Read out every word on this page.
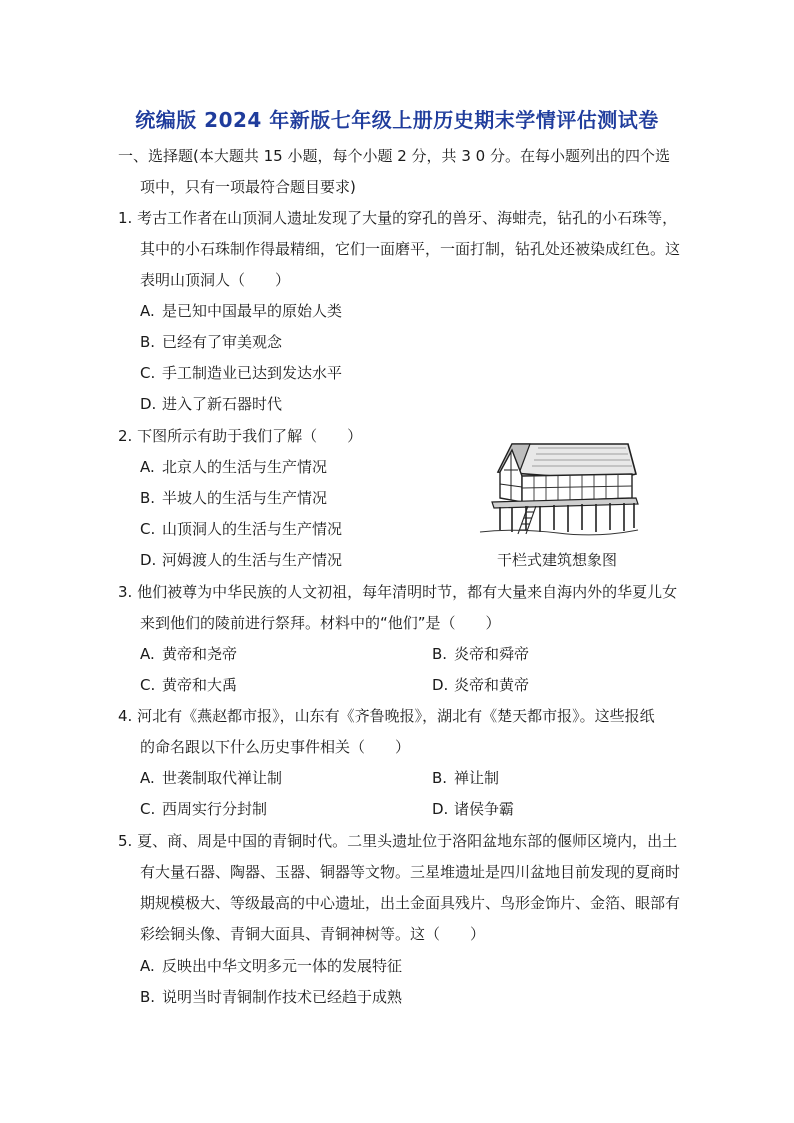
统编版 2024 年新版七年级上册历史期末学情评估测试卷
一、选择题(本大题共 15 小题，每个小题 2 分，共 3 0 分。在每小题列出的四个选
项中，只有一项最符合题目要求)
1. 考古工作者在山顶洞人遗址发现了大量的穿孔的兽牙、海蚶壳，钻孔的小石珠等，
其中的小石珠制作得最精细，它们一面磨平，一面打制，钻孔处还被染成红色。这
表明山顶洞人（　　）
A. 是已知中国最早的原始人类
B. 已经有了审美观念
C. 手工制造业已达到发达水平
D. 进入了新石器时代
2. 下图所示有助于我们了解（　　）
A. 北京人的生活与生产情况
B. 半坡人的生活与生产情况
C. 山顶洞人的生活与生产情况
D. 河姆渡人的生活与生产情况	干栏式建筑想象图
3. 他们被尊为中华民族的人文初祖，每年清明时节，都有大量来自海内外的华夏儿女
来到他们的陵前进行祭拜。材料中的“他们”是（　　）
A. 黄帝和尧帝	B. 炎帝和舜帝
C. 黄帝和大禹	D. 炎帝和黄帝
4. 河北有《燕赵都市报》，山东有《齐鲁晚报》，湖北有《楚天都市报》。这些报纸
的命名跟以下什么历史事件相关（　　）
A. 世袭制取代禅让制	B. 禅让制
C. 西周实行分封制	D. 诸侯争霸
5. 夏、商、周是中国的青铜时代。二里头遗址位于洛阳盆地东部的偃师区境内，出土
有大量石器、陶器、玉器、铜器等文物。三星堆遗址是四川盆地目前发现的夏商时
期规模极大、等级最高的中心遗址，出土金面具残片、鸟形金饰片、金箔、眼部有
彩绘铜头像、青铜大面具、青铜神树等。这（　　）
A. 反映出中华文明多元一体的发展特征
B. 说明当时青铜制作技术已经趋于成熟
